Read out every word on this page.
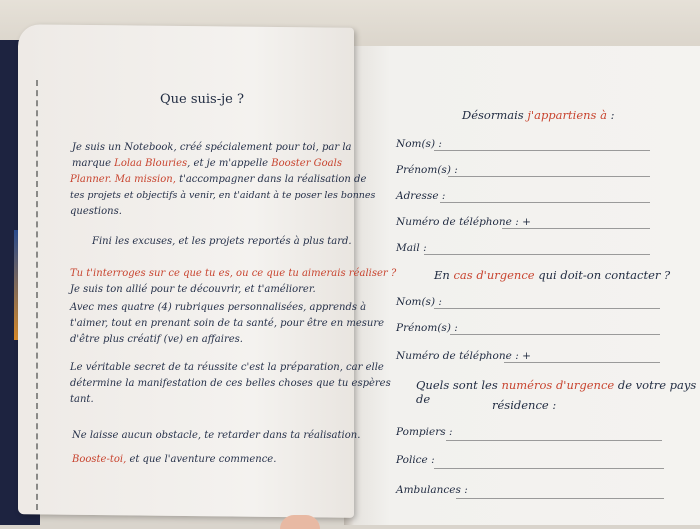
Que suis-je ?
Je suis un Notebook, créé spécialement pour toi, par la
marque Lolaa Blouries, et je m'appelle Booster Goals
Planner. Ma mission, t'accompagner dans la réalisation de
tes projets et objectifs à venir, en t'aidant à te poser les bonnes
questions.
Fini les excuses, et les projets reportés à plus tard.
Tu t'interroges sur ce que tu es, ou ce que tu aimerais réaliser ?
Je suis ton allié pour te découvrir, et t'améliorer.
Avec mes quatre (4) rubriques personnalisées, apprends à
t'aimer, tout en prenant soin de ta santé, pour être en mesure
d'être plus créatif (ve) en affaires.
Le véritable secret de ta réussite c'est la préparation, car elle
détermine la manifestation de ces belles choses que tu espères
tant.
Ne laisse aucun obstacle, te retarder dans ta réalisation.
Booste-toi, et que l'aventure commence.
Désormais j'appartiens à :
Nom(s) :
Prénom(s) :
Adresse :
Numéro de téléphone : +
Mail :
En cas d'urgence qui doit-on contacter ?
Nom(s) :
Prénom(s) :
Numéro de téléphone : +
Quels sont les numéros d'urgence de votre pays de	résidence :
Pompiers :
Police :
Ambulances :
